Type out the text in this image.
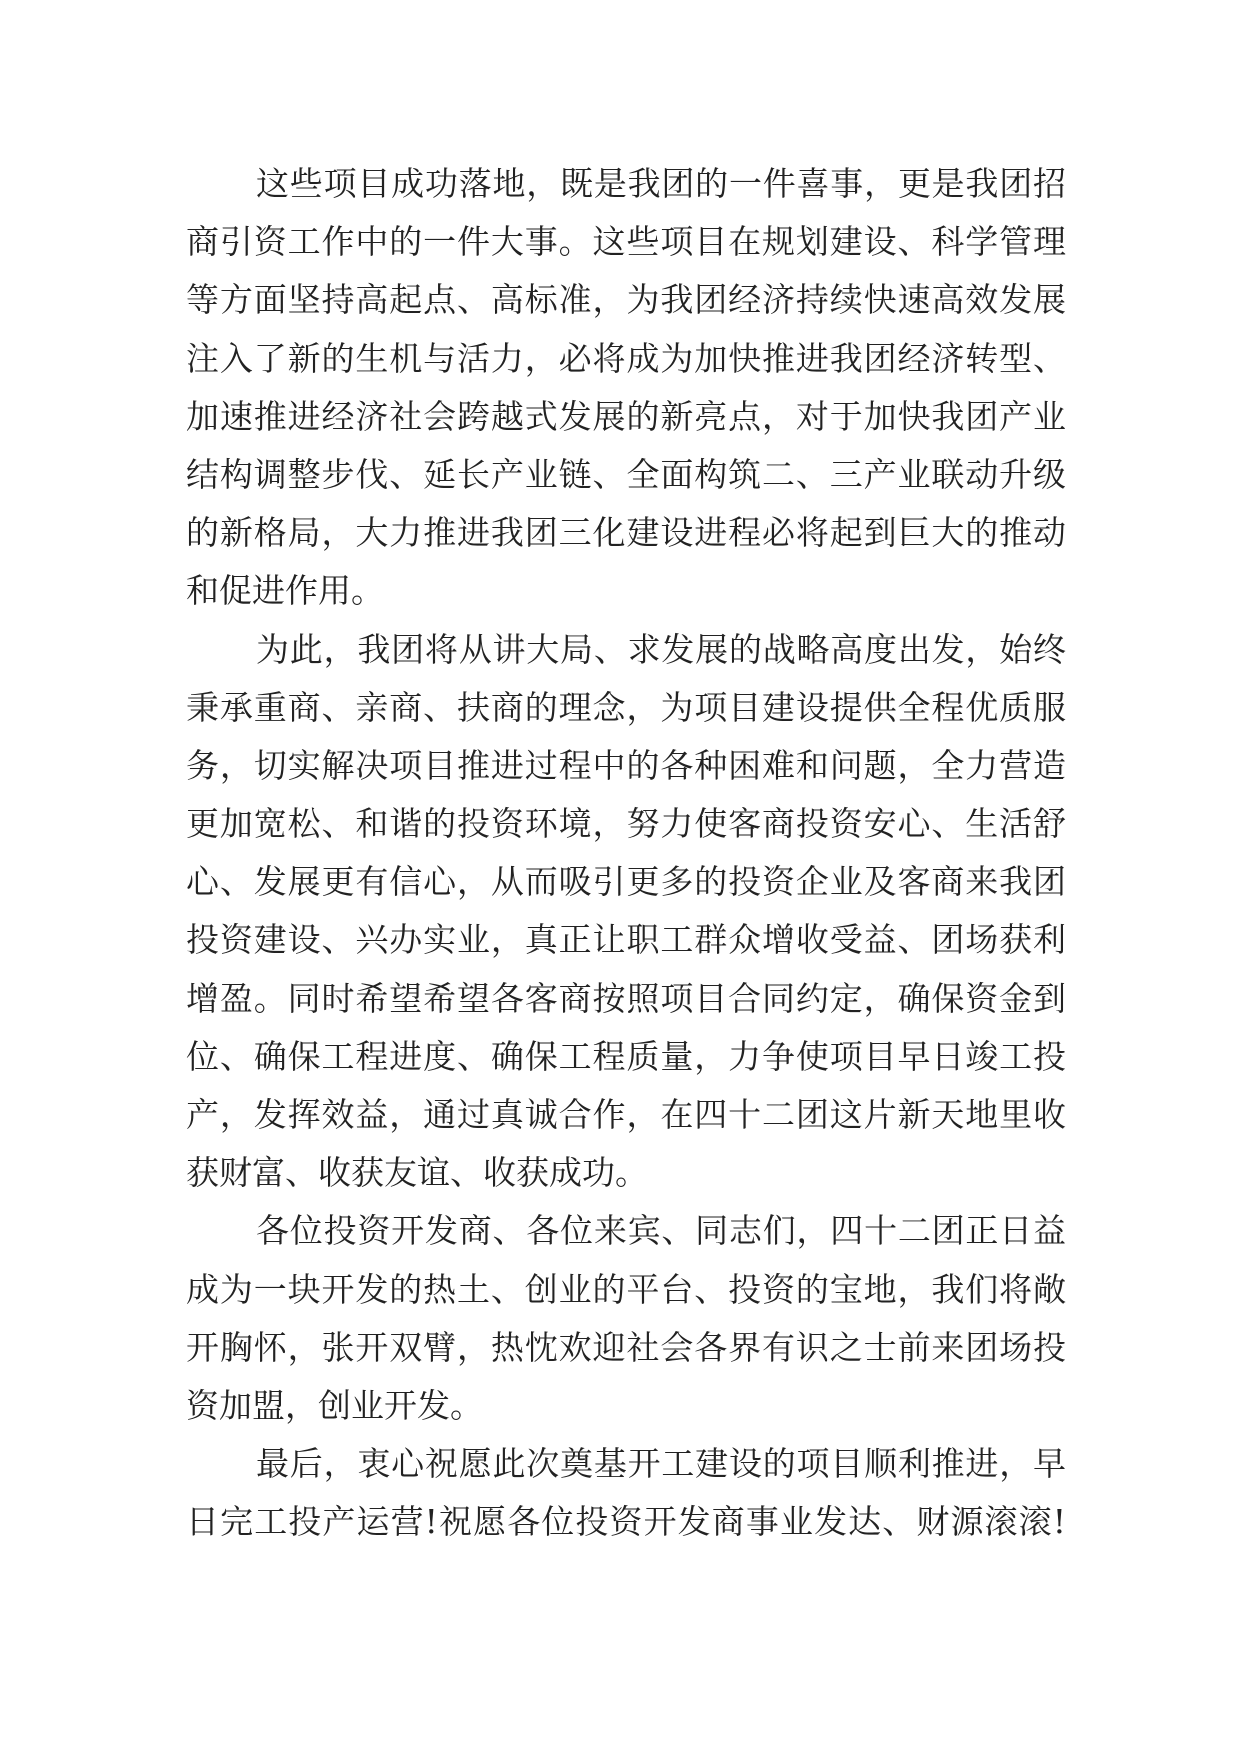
这些项目成功落地，既是我团的一件喜事，更是我团招
商引资工作中的一件大事。这些项目在规划建设、科学管理
等方面坚持高起点、高标准，为我团经济持续快速高效发展
注入了新的生机与活力，必将成为加快推进我团经济转型、
加速推进经济社会跨越式发展的新亮点，对于加快我团产业
结构调整步伐、延长产业链、全面构筑二、三产业联动升级
的新格局，大力推进我团三化建设进程必将起到巨大的推动
和促进作用。
为此，我团将从讲大局、求发展的战略高度出发，始终
秉承重商、亲商、扶商的理念，为项目建设提供全程优质服
务，切实解决项目推进过程中的各种困难和问题，全力营造
更加宽松、和谐的投资环境，努力使客商投资安心、生活舒
心、发展更有信心，从而吸引更多的投资企业及客商来我团
投资建设、兴办实业，真正让职工群众增收受益、团场获利
增盈。同时希望希望各客商按照项目合同约定，确保资金到
位、确保工程进度、确保工程质量，力争使项目早日竣工投
产，发挥效益，通过真诚合作，在四十二团这片新天地里收
获财富、收获友谊、收获成功。
各位投资开发商、各位来宾、同志们，四十二团正日益
成为一块开发的热土、创业的平台、投资的宝地，我们将敞
开胸怀，张开双臂，热忱欢迎社会各界有识之士前来团场投
资加盟，创业开发。
最后，衷心祝愿此次奠基开工建设的项目顺利推进，早
日完工投产运营!祝愿各位投资开发商事业发达、财源滚滚!
